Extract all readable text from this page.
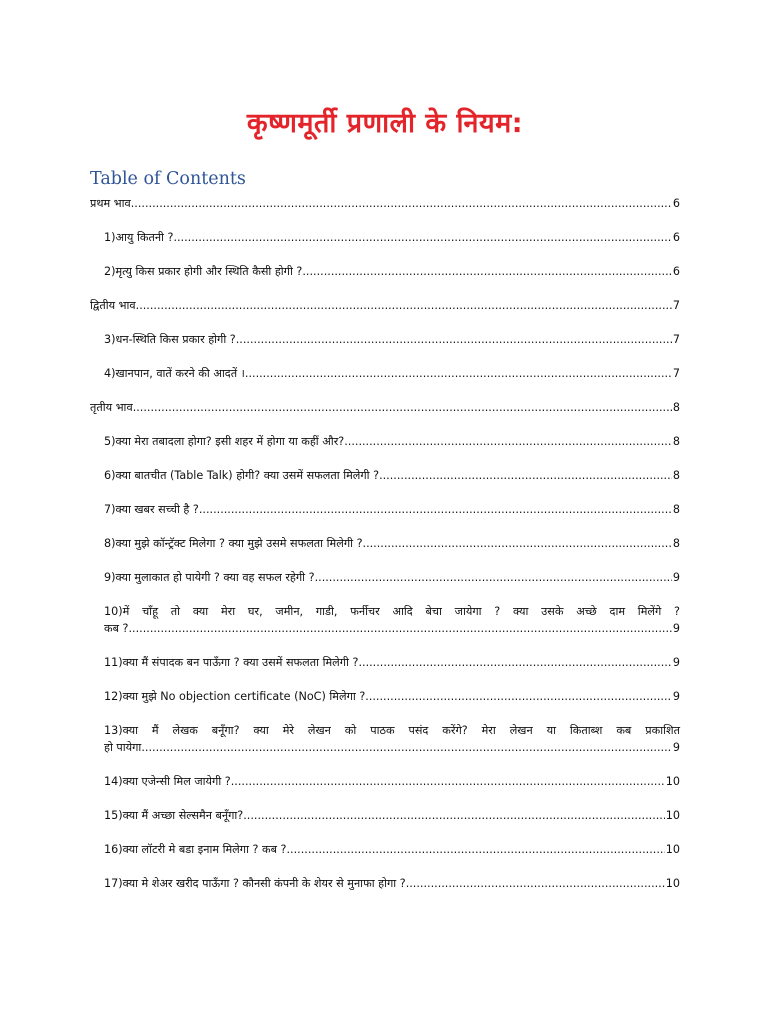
कृष्णमूर्ती प्रणाली के नियम:
Table of Contents
प्रथम भाव .....	6
1)आयु कितनी ? .....	6
2)मृत्यु किस प्रकार होगी और स्थिति कैसी होगी ? .....	6
द्वितीय भाव .....	7
3)धन-स्थिति किस प्रकार होगी ? .....	7
4)खानपान, वातें करने की आदतें । .....	7
तृतीय भाव .....	8
5)क्या मेरा तबादला होगा? इसी शहर में होगा या कहीं और? .....	8
6)क्या बातचीत (Table Talk) होगी? क्या उसमें सफलता मिलेगी ? .....	8
7)क्या खबर सच्ची है ? .....	8
8)क्या मुझे कॉन्ट्रॅक्ट मिलेगा ? क्या मुझे उसमे सफलता मिलेगी ? .....	8
9)क्या मुलाकात हो पायेगी ? क्या वह सफल रहेगी ? .....	9
10)में चाँहू तो क्या मेरा घर, जमीन, गाडी, फर्नीचर आदि बेचा जायेगा ? क्या उसके अच्छे दाम मिलेंगे ?
कब ? .....	9
11)क्या मैं संपादक बन पाऊँगा ? क्या उसमें सफलता मिलेगी ? .....	9
12)क्या मुझे No objection certificate (NoC) मिलेगा ? .....	9
13)क्या मैं लेखक बनूँगा? क्या मेरे लेखन को पाठक पसंद करेंगे? मेरा लेखन या किताब्श कब प्रकाशित
हो पायेगा .....	9
14)क्या एजेन्सी मिल जायेगी ? .....	10
15)क्या मैं अच्छा सेल्समैन बनूँगा? .....	10
16)क्या लॉटरी मे बडा इनाम मिलेगा ? कब ? .....	10
17)क्या मे शेअर खरीद पाऊँगा ? कौनसी कंपनी के शेयर से मुनाफा होगा ? .....	10
